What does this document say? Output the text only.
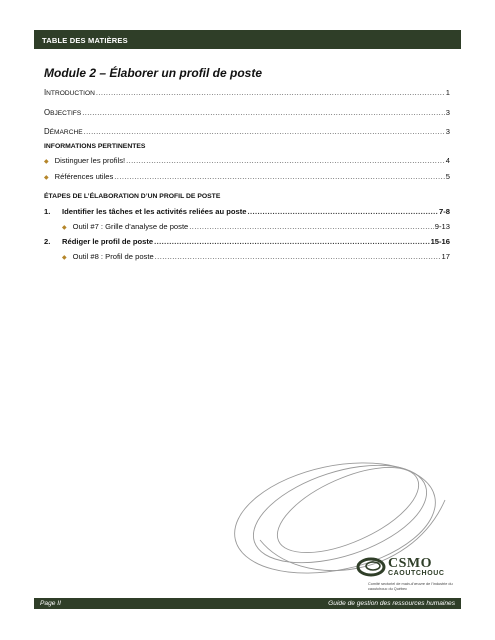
TABLE DES MATIÈRES
Module 2 – Élaborer un profil de poste
INTRODUCTION .....	1
OBJECTIFS .....	3
DÉMARCHE .....	3
INFORMATIONS PERTINENTES
◆ Distinguer les profils! .....	4
◆ Références utiles .....	5
ÉTAPES DE L’ÉLABORATION D’UN PROFIL DE POSTE
1.	Identifier les tâches et les activités reliées au poste .....	7-8
◆ Outil #7 : Grille d’analyse de poste .....	9-13
2.	Rédiger le profil de poste .....	15-16
◆ Outil #8 : Profil de poste .....	17
CSMO
CAOUTCHOUC
Comité sectoriel de main-d’œuvre de l’industrie du caoutchouc du Québec
Page II	Guide de gestion des ressources humaines
